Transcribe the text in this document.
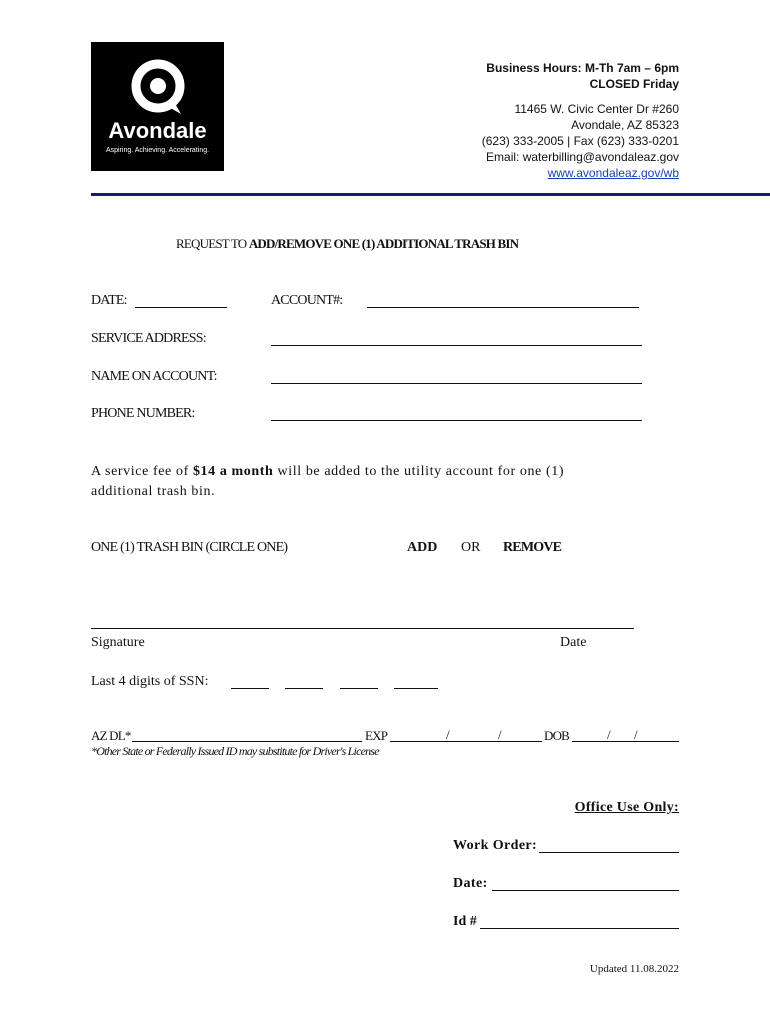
Avondale
Aspiring. Achieving. Accelerating.
Business Hours: M-Th 7am – 6pm
CLOSED Friday
11465 W. Civic Center Dr #260
Avondale, AZ 85323
(623) 333-2005 | Fax (623) 333-0201
Email: waterbilling@avondaleaz.gov
www.avondaleaz.gov/wb
REQUEST TO ADD/REMOVE ONE (1) ADDITIONAL TRASH BIN
DATE:	ACCOUNT#:
SERVICE ADDRESS:
NAME ON ACCOUNT:
PHONE NUMBER:
A service fee of $14 a month will be added to the utility account for one (1)
additional trash bin.
ONE (1) TRASH BIN (CIRCLE ONE)	ADD OR REMOVE
Signature	Date
Last 4 digits of SSN:
AZ DL*	EXP	/	/	DOB	/ /
*Other State or Federally Issued ID may substitute for Driver's License
Office Use Only:
Work Order:
Date:
Id #
Updated 11.08.2022
